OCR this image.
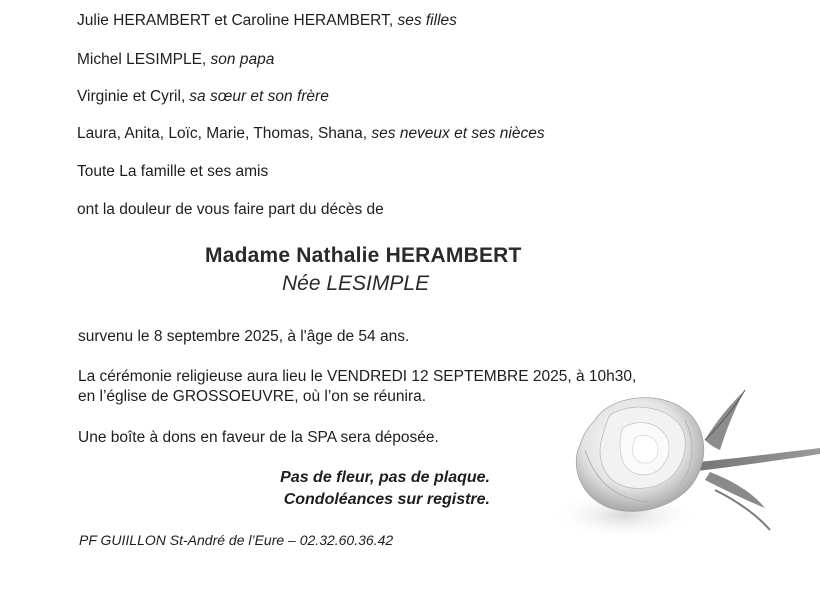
Julie HERAMBERT et Caroline HERAMBERT, ses filles
Michel LESIMPLE, son papa
Virginie et Cyril, sa sœur et son frère
Laura, Anita, Loïc, Marie, Thomas, Shana, ses neveux et ses nièces
Toute La famille et ses amis
ont la douleur de vous faire part du décès de
Madame Nathalie HERAMBERT
Née LESIMPLE
survenu le 8 septembre 2025, à l'âge de 54 ans.
La cérémonie religieuse aura lieu le VENDREDI 12 SEPTEMBRE 2025, à 10h30,
en l’église de GROSSOEUVRE, où l’on se réunira.
Une boîte à dons en faveur de la SPA sera déposée.
Pas de fleur, pas de plaque.
Condoléances sur registre.
PF GUIILLON St-André de l’Eure – 02.32.60.36.42
